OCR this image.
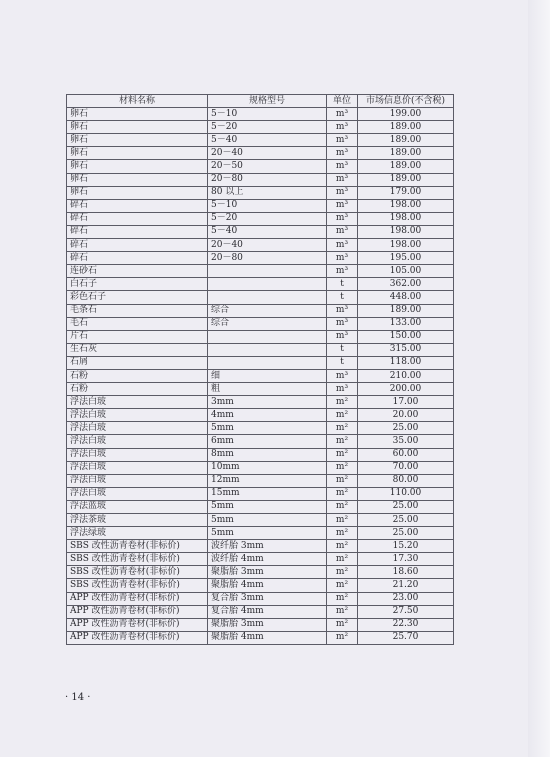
材料名称	规格型号	单位	市场信息价(不含税)
卵石	5－10	m³	199.00
卵石	5－20	m³	189.00
卵石	5－40	m³	189.00
卵石	20－40	m³	189.00
卵石	20－50	m³	189.00
卵石	20－80	m³	189.00
卵石	80 以上	m³	179.00
碎石	5－10	m³	198.00
碎石	5－20	m³	198.00
碎石	5－40	m³	198.00
碎石	20－40	m³	198.00
碎石	20－80	m³	195.00
连砂石		m³	105.00
白石子		t	362.00
彩色石子		t	448.00
毛条石	综合	m³	189.00
毛石	综合	m³	133.00
片石		m³	150.00
生石灰		t	315.00
石屑		t	118.00
石粉	细	m³	210.00
石粉	粗	m³	200.00
浮法白玻	3mm	m²	17.00
浮法白玻	4mm	m²	20.00
浮法白玻	5mm	m²	25.00
浮法白玻	6mm	m²	35.00
浮法白玻	8mm	m²	60.00
浮法白玻	10mm	m²	70.00
浮法白玻	12mm	m²	80.00
浮法白玻	15mm	m²	110.00
浮法蓝玻	5mm	m²	25.00
浮法茶玻	5mm	m²	25.00
浮法绿玻	5mm	m²	25.00
SBS 改性沥青卷材(非标价)	波纤胎 3mm	m²	15.20
SBS 改性沥青卷材(非标价)	波纤胎 4mm	m²	17.30
SBS 改性沥青卷材(非标价)	聚脂胎 3mm	m²	18.60
SBS 改性沥青卷材(非标价)	聚脂胎 4mm	m²	21.20
APP 改性沥青卷材(非标价)	复合胎 3mm	m²	23.00
APP 改性沥青卷材(非标价)	复合胎 4mm	m²	27.50
APP 改性沥青卷材(非标价)	聚脂胎 3mm	m²	22.30
APP 改性沥青卷材(非标价)	聚脂胎 4mm	m²	25.70
· 14 ·
